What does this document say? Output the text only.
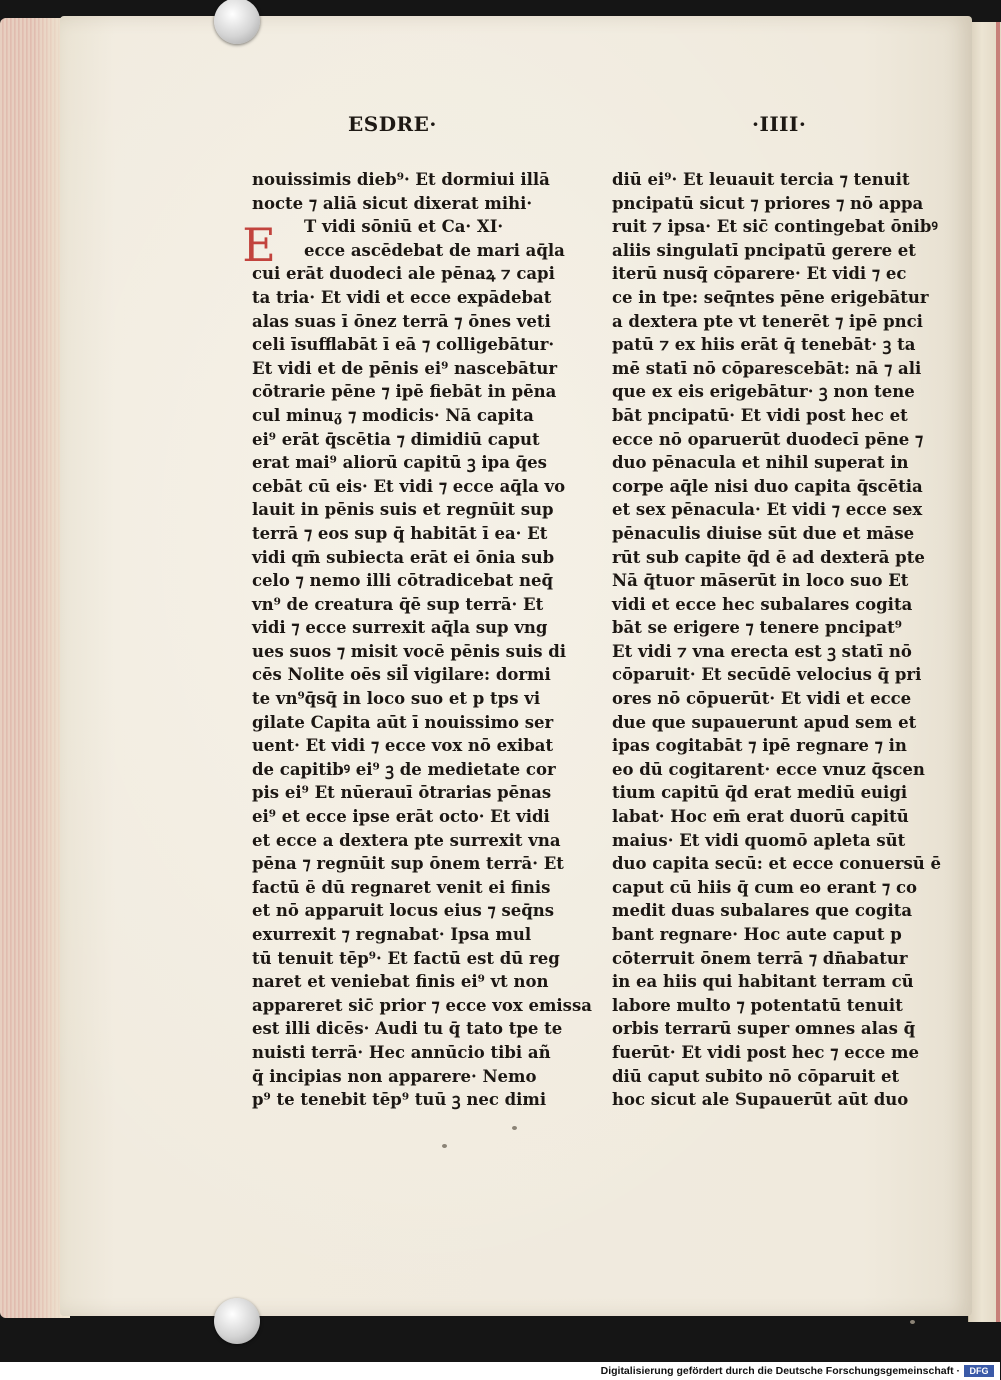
ESDRE·	·IIII·
E
nouissimis dieb⁹· Et dormiui illā
nocte ⁊ aliā sicut dixerat mihi·
T vidi sōniū et Ca· XI·
ecce ascēdebat de mari aq̄la
cui erāt duodeci ale pēnaꝝ ⁊ capi
ta tria· Et vidi et ecce expādebat
alas suas ī ōnez terrā ⁊ ōnes veti
celi īsufflabāt ī eā ⁊ colligebātur·
Et vidi et de pēnis ei⁹ nascebātur
cōtrarie pēne ⁊ ipē fiebāt in pēna
cul minuᵹ ⁊ modicis· Nā capita
ei⁹ erāt q̄scētia ⁊ dimidiū caput
erat mai⁹ aliorū capitū ꝫ ipa q̄es
cebāt cū eis· Et vidi ⁊ ecce aq̄la vo
lauit in pēnis suis et regnūit sup
terrā ⁊ eos sup q̄ habitāt ī ea· Et
vidi qm̄ subiecta erāt ei ōnia sub
celo ⁊ nemo illi cōtradicebat neq̄
vn⁹ de creatura q̄ē sup terrā· Et
vidi ⁊ ecce surrexit aq̄la sup vng
ues suos ⁊ misit vocē pēnis suis di
cēs Nolite oēs sil̄ vigilare: dormi
te vn⁹q̄sq̄ in loco suo et p tps vi
gilate Capita aūt ī nouissimo ser
uent· Et vidi ⁊ ecce vox nō exibat
de capitibꝰ ei⁹ ꝫ de medietate cor
pis ei⁹ Et nūerauī ōtrarias pēnas
ei⁹ et ecce ipse erāt octo· Et vidi
et ecce a dextera pte surrexit vna
pēna ⁊ regnūit sup ōnem terrā· Et
factū ē dū regnaret venit ei finis
et nō apparuit locus eius ⁊ seq̄ns
exurrexit ⁊ regnabat· Ipsa mul
tū tenuit tēp⁹· Et factū est dū reg
naret et veniebat finis ei⁹ vt non
appareret sic̄ prior ⁊ ecce vox emissa
est illi dicēs· Audi tu q̄ tato tpe te
nuisti terrā· Hec annūcio tibi añ
q̄ incipias non apparere· Nemo
p⁹ te tenebit tēp⁹ tuū ꝫ nec dimi
diū ei⁹· Et leuauit tercia ⁊ tenuit
pncipatū sicut ⁊ priores ⁊ nō appa
ruit ⁊ ipsa· Et sic̄ contingebat ōnibꝰ
aliis singulatī pncipatū gerere et
iterū nusq̄ cōparere· Et vidi ⁊ ec
ce in tpe: seq̄ntes pēne erigebātur
a dextera pte vt tenerēt ⁊ ipē pnci
patū ⁊ ex hiis erāt q̄ tenebāt· ꝫ ta
mē statī nō cōparescebāt: nā ⁊ ali
que ex eis erigebātur· ꝫ non tene
bāt pncipatū· Et vidi post hec et
ecce nō oparuerūt duodecī pēne ⁊
duo pēnacula et nihil superat in
corpe aq̄le nisi duo capita q̄scētia
et sex pēnacula· Et vidi ⁊ ecce sex
pēnaculis diuise sūt due et māse
rūt sub capite q̄d ē ad dexterā pte
Nā q̄tuor māserūt in loco suo Et
vidi et ecce hec subalares cogita
bāt se erigere ⁊ tenere pncipat⁹
Et vidi ⁊ vna erecta est ꝫ statī nō
cōparuit· Et secūdē velocius q̄ pri
ores nō cōpuerūt· Et vidi et ecce
due que supauerunt apud sem et
ipas cogitabāt ⁊ ipē regnare ⁊ in
eo dū cogitarent· ecce vnuz q̄scen
tium capitū q̄d erat mediū euigi
labat· Hoc em̄ erat duorū capitū
maius· Et vidi quomō apleta sūt
duo capita secū: et ecce conuersū ē
caput cū hiis q̄ cum eo erant ⁊ co
medit duas subalares que cogita
bant regnare· Hoc aute caput p
cōterruit ōnem terrā ⁊ dn̄abatur
in ea hiis qui habitant terram cū
labore multo ⁊ potentatū tenuit
orbis terrarū super omnes alas q̄
fuerūt· Et vidi post hec ⁊ ecce me
diū caput subito nō cōparuit et
hoc sicut ale Supauerūt aūt duo
Digitalisierung gefördert durch die Deutsche Forschungsgemeinschaft ·	DFG
